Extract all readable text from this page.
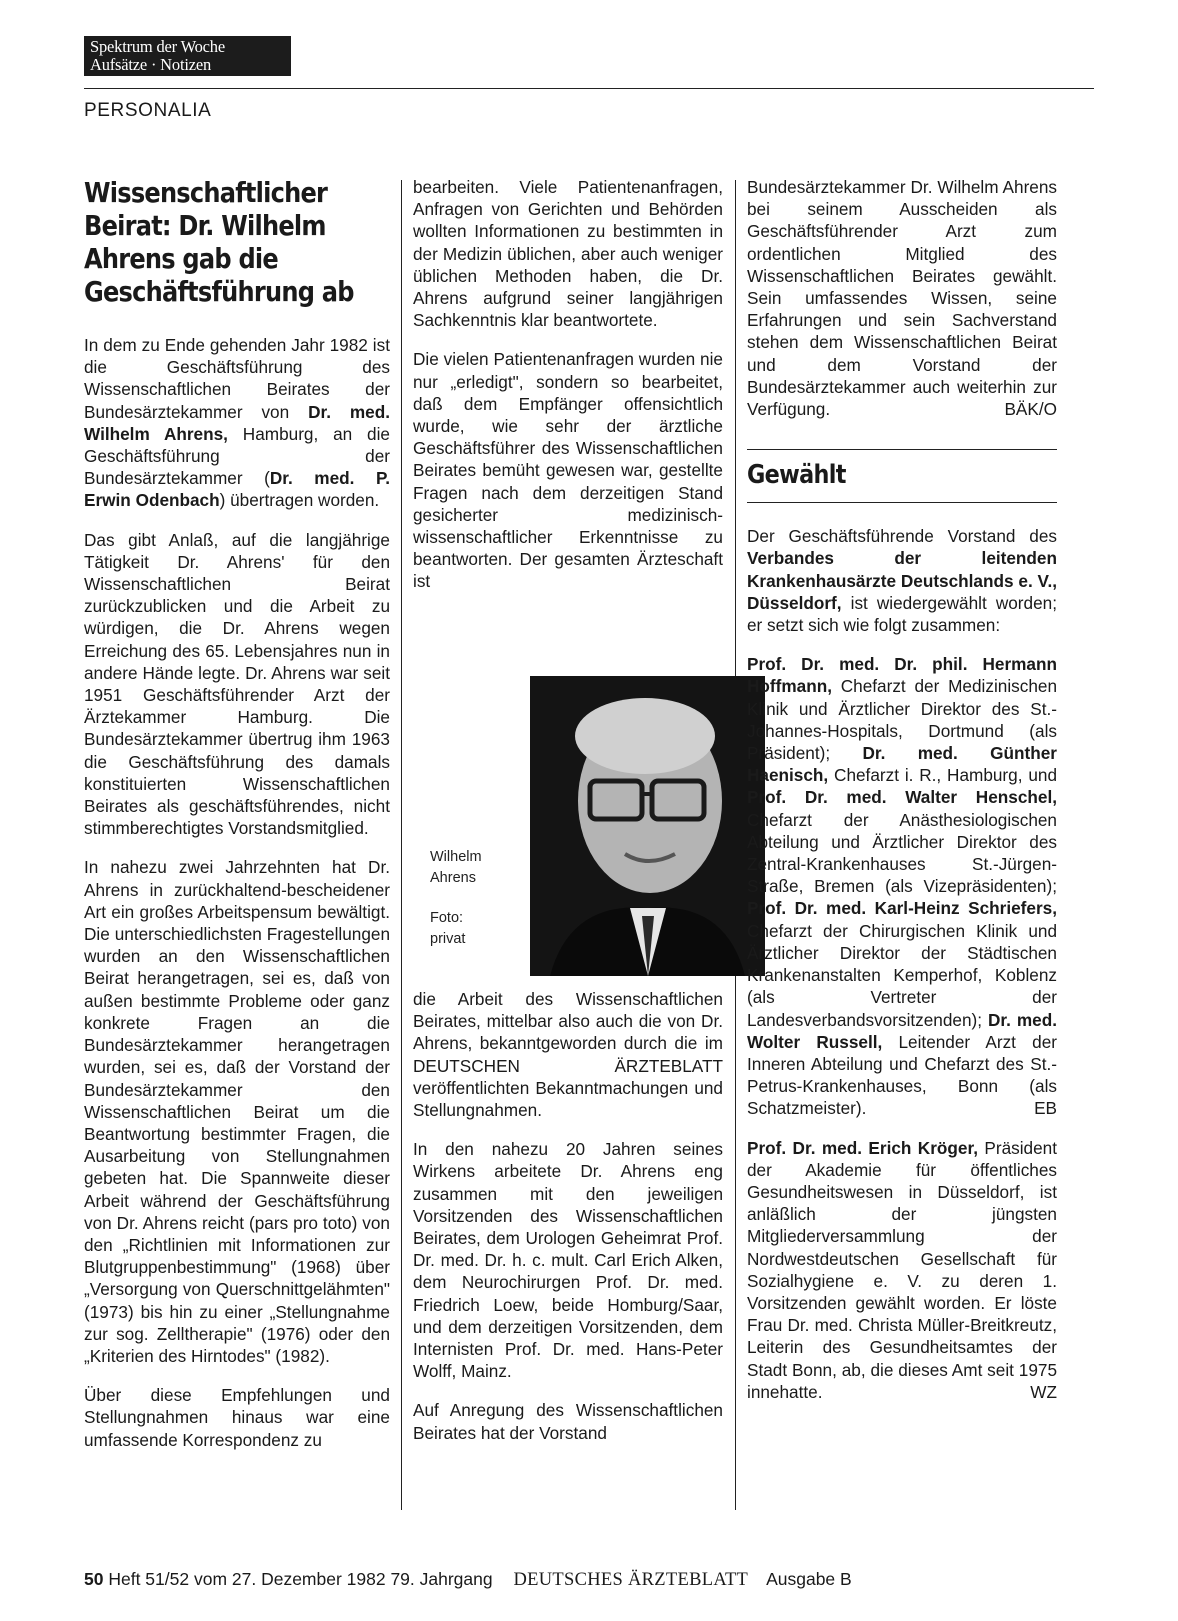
Spektrum der Woche
Aufsätze · Notizen
PERSONALIA
Wissenschaftlicher Beirat: Dr. Wilhelm Ahrens gab die Geschäftsführung ab

In dem zu Ende gehenden Jahr 1982 ist die Geschäftsführung des Wissenschaftlichen Beirates der Bundesärztekammer von Dr. med. Wilhelm Ahrens, Hamburg, an die Geschäftsführung der Bundesärztekammer (Dr. med. P. Erwin Odenbach) übertragen worden.

Das gibt Anlaß, auf die langjährige Tätigkeit Dr. Ahrens' für den Wissenschaftlichen Beirat zurückzublicken und die Arbeit zu würdigen, die Dr. Ahrens wegen Erreichung des 65. Lebensjahres nun in andere Hände legte. Dr. Ahrens war seit 1951 Geschäftsführender Arzt der Ärztekammer Hamburg. Die Bundesärztekammer übertrug ihm 1963 die Geschäftsführung des damals konstituierten Wissenschaftlichen Beirates als geschäftsführendes, nicht stimmberechtigtes Vorstandsmitglied.

In nahezu zwei Jahrzehnten hat Dr. Ahrens in zurückhaltend-bescheidener Art ein großes Arbeitspensum bewältigt. Die unterschiedlichsten Fragestellungen wurden an den Wissenschaftlichen Beirat herangetragen, sei es, daß von außen bestimmte Probleme oder ganz konkrete Fragen an die Bundesärztekammer herangetragen wurden, sei es, daß der Vorstand der Bundesärztekammer den Wissenschaftlichen Beirat um die Beantwortung bestimmter Fragen, die Ausarbeitung von Stellungnahmen gebeten hat. Die Spannweite dieser Arbeit während der Geschäftsführung von Dr. Ahrens reicht (pars pro toto) von den „Richtlinien mit Informationen zur Blutgruppenbestimmung" (1968) über „Versorgung von Querschnittgelähmten" (1973) bis hin zu einer „Stellungnahme zur sog. Zelltherapie" (1976) oder den „Kriterien des Hirntodes" (1982).

Über diese Empfehlungen und Stellungnahmen hinaus war eine umfassende Korrespondenz zu

bearbeiten. Viele Patientenanfragen, Anfragen von Gerichten und Behörden wollten Informationen zu bestimmten in der Medizin üblichen, aber auch weniger üblichen Methoden haben, die Dr. Ahrens aufgrund seiner langjährigen Sachkenntnis klar beantwortete.

Die vielen Patientenanfragen wurden nie nur „erledigt", sondern so bearbeitet, daß dem Empfänger offensichtlich wurde, wie sehr der ärztliche Geschäftsführer des Wissenschaftlichen Beirates bemüht gewesen war, gestellte Fragen nach dem derzeitigen Stand gesicherter medizinisch-wissenschaftlicher Erkenntnisse zu beantworten. Der gesamten Ärzteschaft ist

Wilhelm
Ahrens
Foto:
privat

die Arbeit des Wissenschaftlichen Beirates, mittelbar also auch die von Dr. Ahrens, bekanntgeworden durch die im DEUTSCHEN ÄRZTEBLATT veröffentlichten Bekanntmachungen und Stellungnahmen.

In den nahezu 20 Jahren seines Wirkens arbeitete Dr. Ahrens eng zusammen mit den jeweiligen Vorsitzenden des Wissenschaftlichen Beirates, dem Urologen Geheimrat Prof. Dr. med. Dr. h. c. mult. Carl Erich Alken, dem Neurochirurgen Prof. Dr. med. Friedrich Loew, beide Homburg/Saar, und dem derzeitigen Vorsitzenden, dem Internisten Prof. Dr. med. Hans-Peter Wolff, Mainz.

Auf Anregung des Wissenschaftlichen Beirates hat der Vorstand

Bundesärztekammer Dr. Wilhelm Ahrens bei seinem Ausscheiden als Geschäftsführender Arzt zum ordentlichen Mitglied des Wissenschaftlichen Beirates gewählt. Sein umfassendes Wissen, seine Erfahrungen und sein Sachverstand stehen dem Wissenschaftlichen Beirat und dem Vorstand der Bundesärztekammer auch weiterhin zur Verfügung.	BÄK/O

Gewählt

Der Geschäftsführende Vorstand des Verbandes der leitenden Krankenhausärzte Deutschlands e. V., Düsseldorf, ist wiedergewählt worden; er setzt sich wie folgt zusammen:

Prof. Dr. med. Dr. phil. Hermann Hoffmann, Chefarzt der Medizinischen Klinik und Ärztlicher Direktor des St.-Johannes-Hospitals, Dortmund (als Präsident); Dr. med. Günther Haenisch, Chefarzt i. R., Hamburg, und Prof. Dr. med. Walter Henschel, Chefarzt der Anästhesiologischen Abteilung und Ärztlicher Direktor des Zentral-Krankenhauses St.-Jürgen-Straße, Bremen (als Vizepräsidenten); Prof. Dr. med. Karl-Heinz Schriefers, Chefarzt der Chirurgischen Klinik und Ärztlicher Direktor der Städtischen Krankenanstalten Kemperhof, Koblenz (als Vertreter der Landesverbandsvorsitzenden); Dr. med. Wolter Russell, Leitender Arzt der Inneren Abteilung und Chefarzt des St.-Petrus-Krankenhauses, Bonn (als Schatzmeister).	EB

Prof. Dr. med. Erich Kröger, Präsident der Akademie für öffentliches Gesundheitswesen in Düsseldorf, ist anläßlich der jüngsten Mitgliederversammlung der Nordwestdeutschen Gesellschaft für Sozialhygiene e. V. zu deren 1. Vorsitzenden gewählt worden. Er löste Frau Dr. med. Christa Müller-Breitkreutz, Leiterin des Gesundheitsamtes der Stadt Bonn, ab, die dieses Amt seit 1975 innehatte.	WZ

50 Heft 51/52 vom 27. Dezember 1982 79. Jahrgang DEUTSCHES ÄRZTEBLATT Ausgabe B
